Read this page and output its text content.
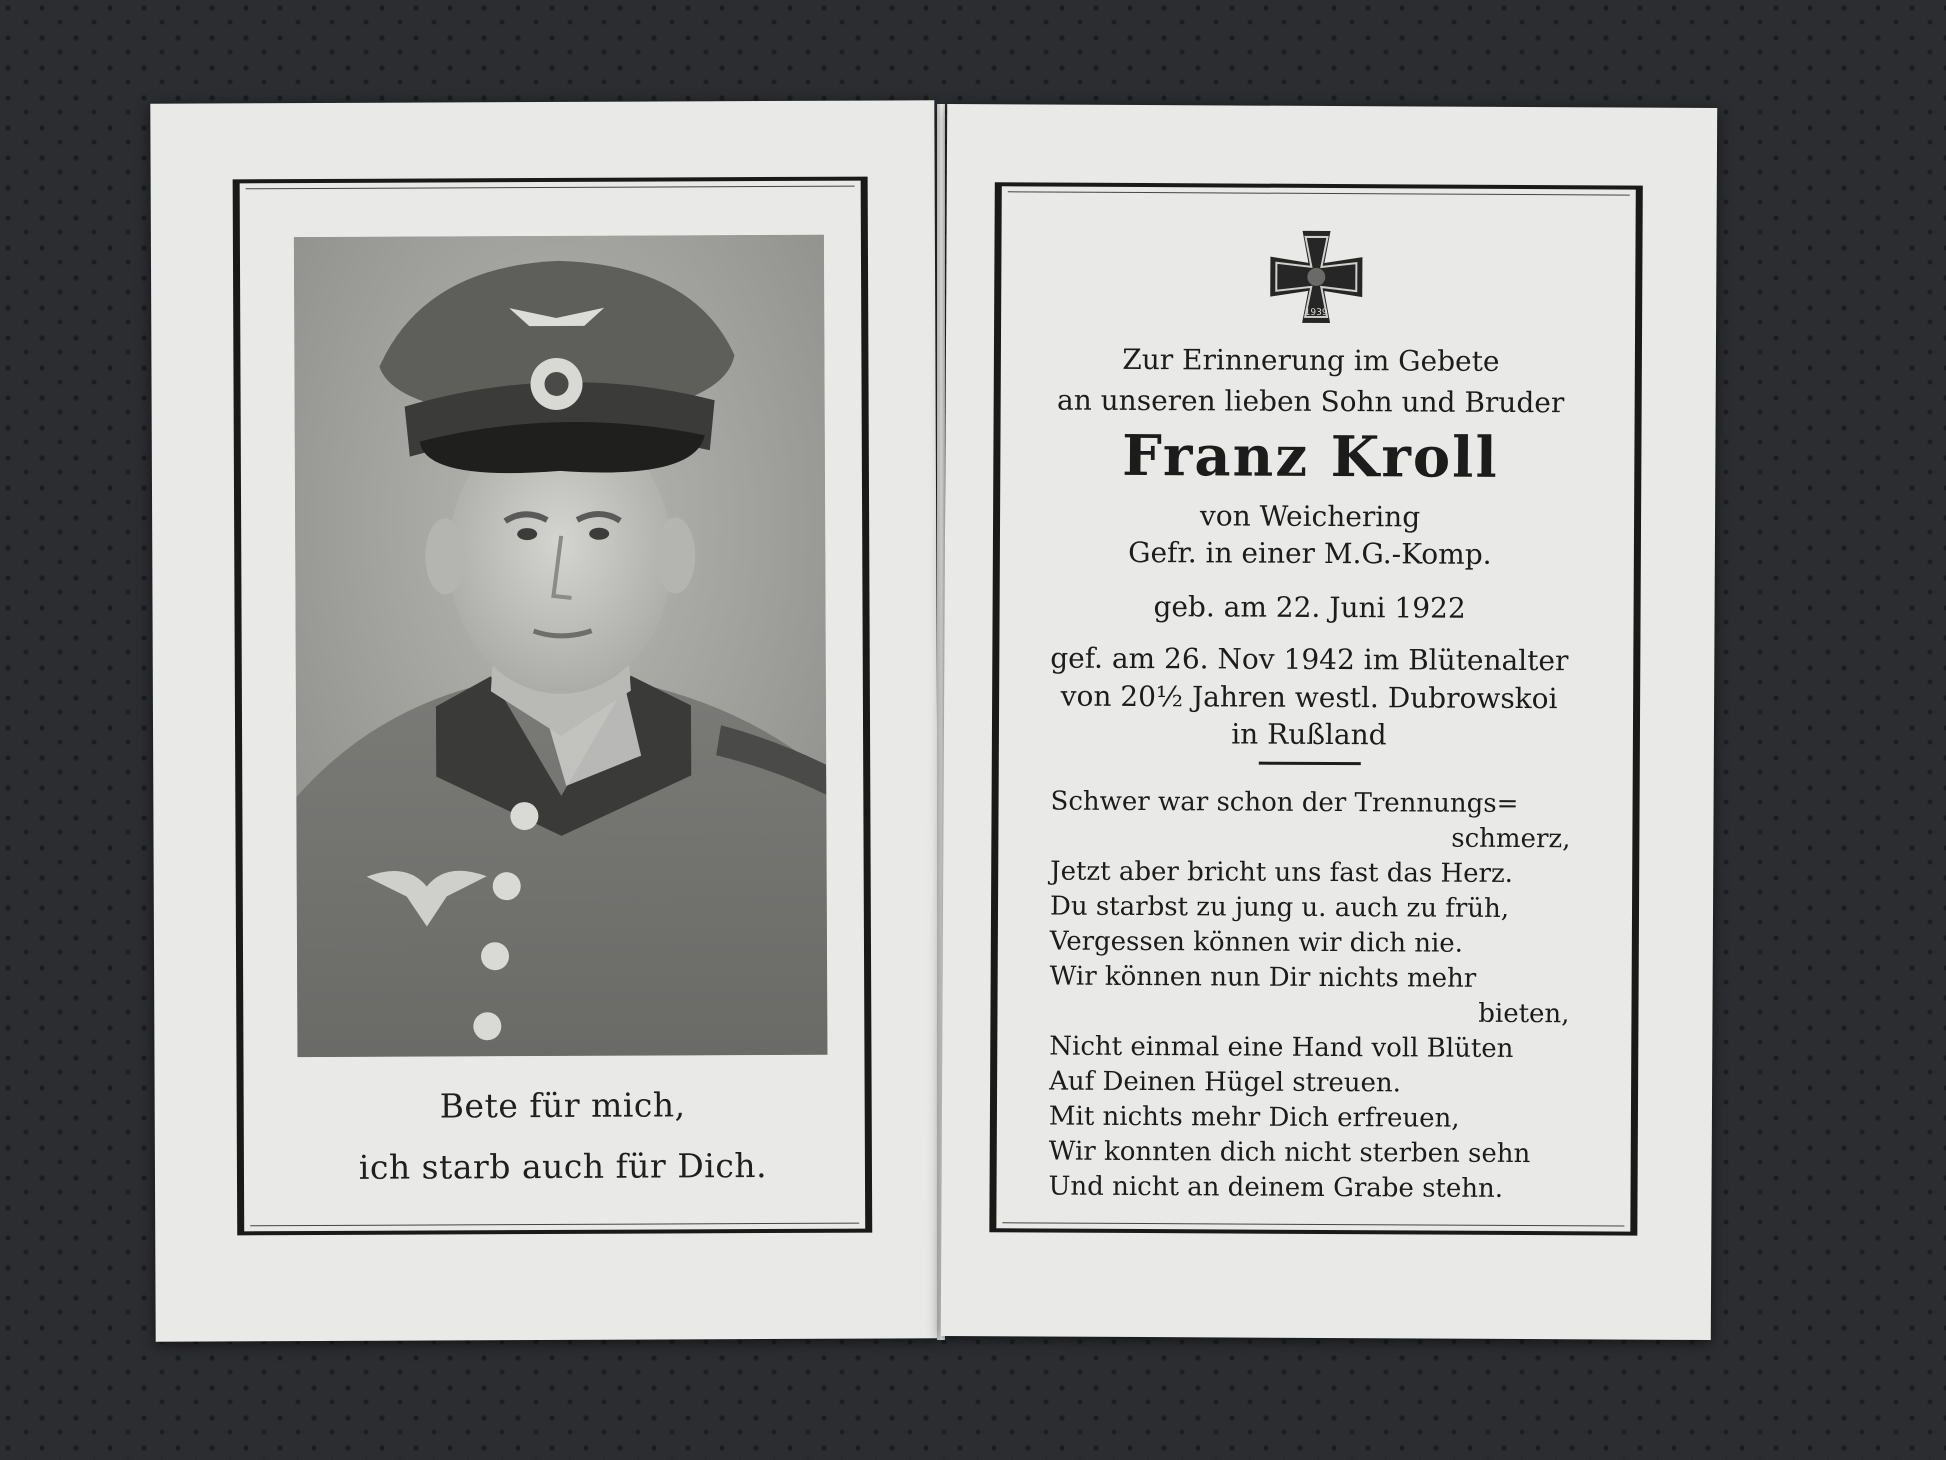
Bete für mich,
ich starb auch für Dich.
1939
Zur Erinnerung im Gebete
an unseren lieben Sohn und Bruder
Franz Kroll
von Weichering
Gefr. in einer M.G.-Komp.
geb. am 22. Juni 1922
gef. am 26. Nov 1942 im Blütenalter
von 20½ Jahren westl. Dubrowskoi
in Rußland
Schwer war schon der Trennungs=
schmerz,
Jetzt aber bricht uns fast das Herz.
Du starbst zu jung u. auch zu früh,
Vergessen können wir dich nie.
Wir können nun Dir nichts mehr
bieten,
Nicht einmal eine Hand voll Blüten
Auf Deinen Hügel streuen.
Mit nichts mehr Dich erfreuen,
Wir konnten dich nicht sterben sehn
Und nicht an deinem Grabe stehn.
